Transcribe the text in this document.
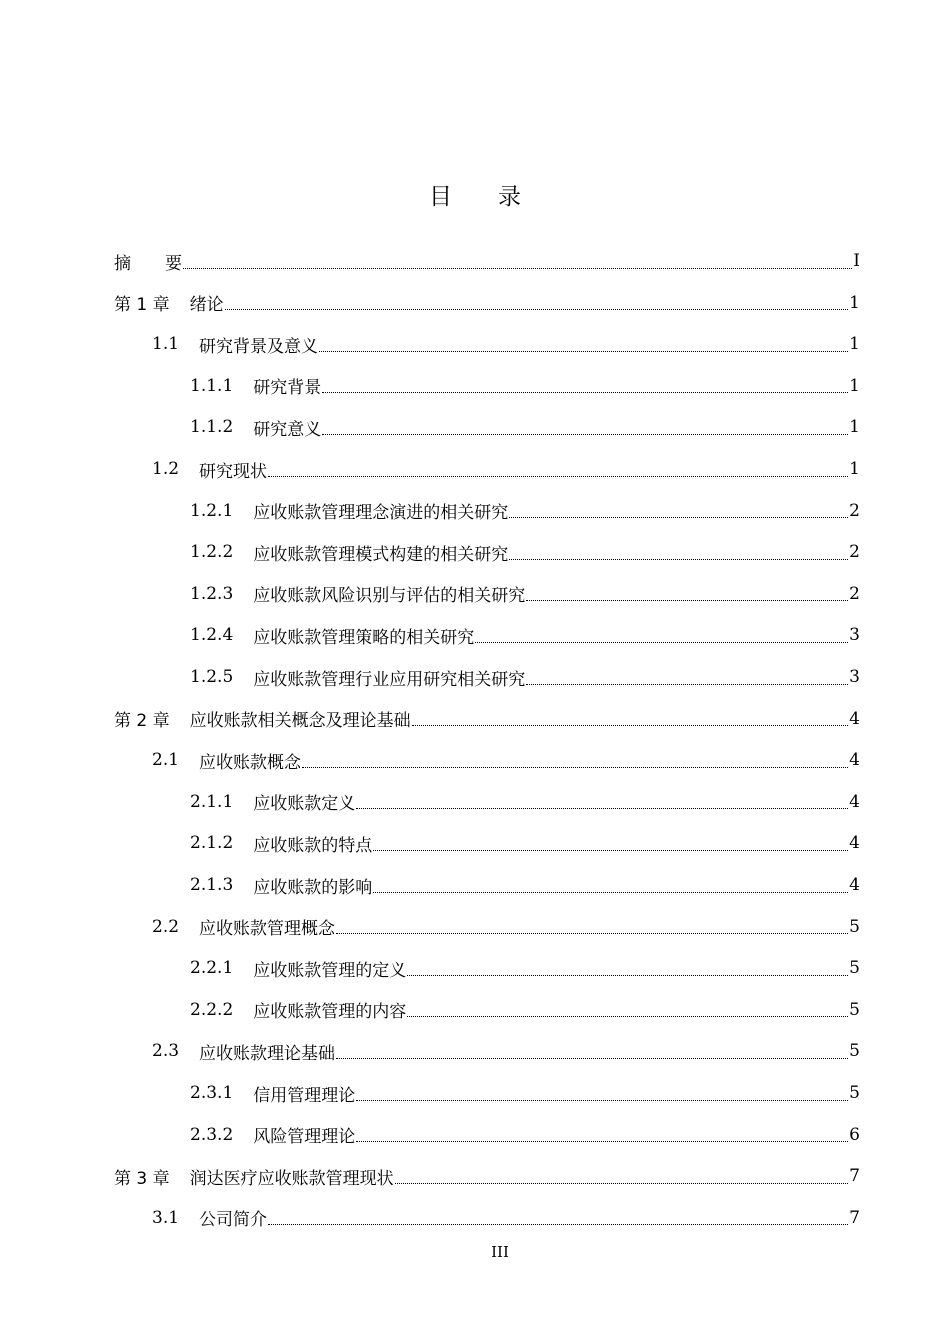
目　　录
摘　　要	I
第 1 章 绪论	1
1.1 研究背景及意义	1
1.1.1 研究背景	1
1.1.2 研究意义	1
1.2 研究现状	1
1.2.1 应收账款管理理念演进的相关研究	2
1.2.2 应收账款管理模式构建的相关研究	2
1.2.3 应收账款风险识别与评估的相关研究	2
1.2.4 应收账款管理策略的相关研究	3
1.2.5 应收账款管理行业应用研究相关研究	3
第 2 章 应收账款相关概念及理论基础	4
2.1 应收账款概念	4
2.1.1 应收账款定义	4
2.1.2 应收账款的特点	4
2.1.3 应收账款的影响	4
2.2 应收账款管理概念	5
2.2.1 应收账款管理的定义	5
2.2.2 应收账款管理的内容	5
2.3 应收账款理论基础	5
2.3.1 信用管理理论	5
2.3.2 风险管理理论	6
第 3 章 润达医疗应收账款管理现状	7
3.1 公司简介	7
III
